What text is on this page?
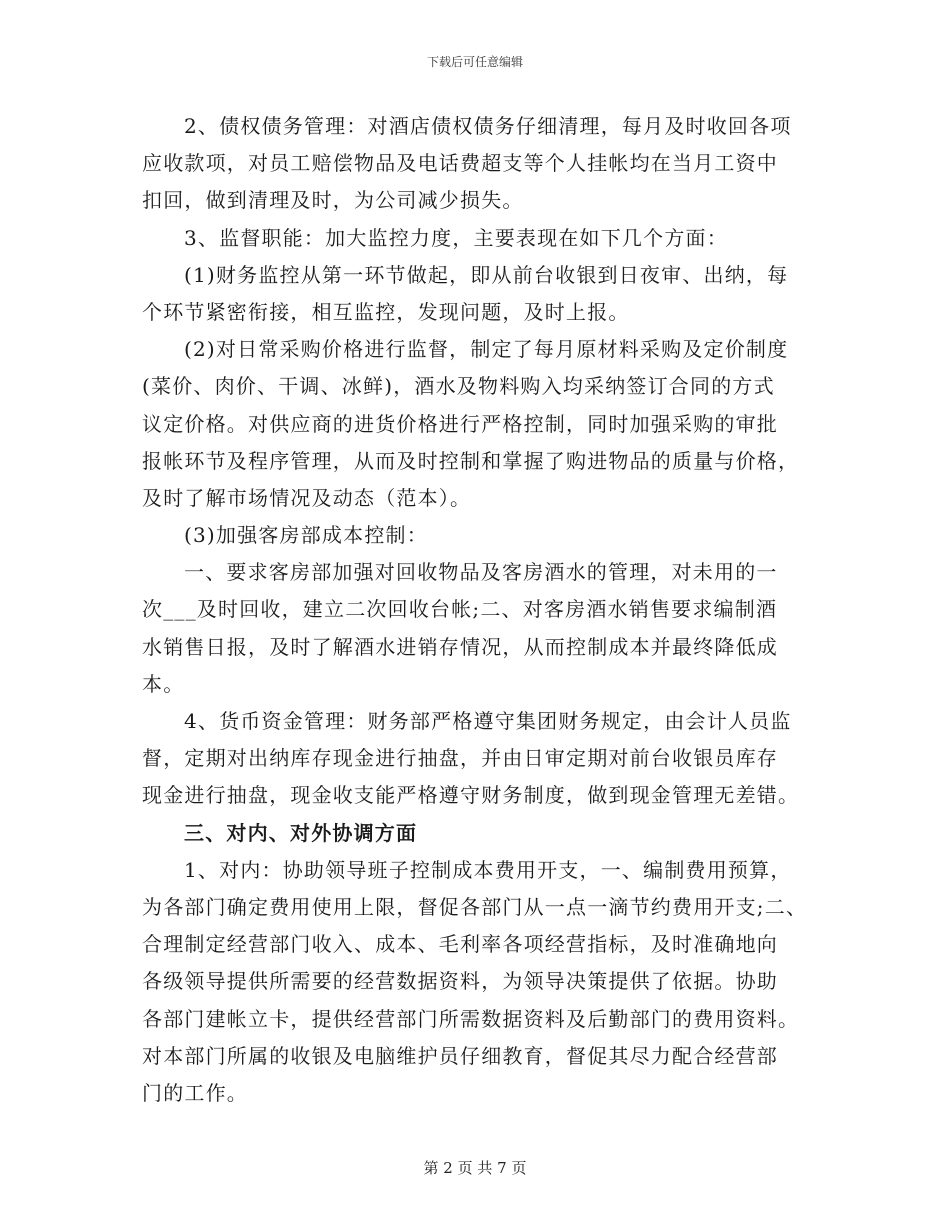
下载后可任意编辑
2、债权债务管理：对酒店债权债务仔细清理，每月及时收回各项
应收款项，对员工赔偿物品及电话费超支等个人挂帐均在当月工资中
扣回，做到清理及时，为公司减少损失。
3、监督职能：加大监控力度，主要表现在如下几个方面：
(1)财务监控从第一环节做起，即从前台收银到日夜审、出纳，每
个环节紧密衔接，相互监控，发现问题，及时上报。
(2)对日常采购价格进行监督，制定了每月原材料采购及定价制度
(菜价、肉价、干调、冰鲜)，酒水及物料购入均采纳签订合同的方式
议定价格。对供应商的进货价格进行严格控制，同时加强采购的审批
报帐环节及程序管理，从而及时控制和掌握了购进物品的质量与价格，
及时了解市场情况及动态（范本）。
(3)加强客房部成本控制：
一、要求客房部加强对回收物品及客房酒水的管理，对未用的一
次___及时回收，建立二次回收台帐;二、对客房酒水销售要求编制酒
水销售日报，及时了解酒水进销存情况，从而控制成本并最终降低成
本。
4、货币资金管理：财务部严格遵守集团财务规定，由会计人员监
督，定期对出纳库存现金进行抽盘，并由日审定期对前台收银员库存
现金进行抽盘，现金收支能严格遵守财务制度，做到现金管理无差错。
三、对内、对外协调方面
1、对内：协助领导班子控制成本费用开支，一、编制费用预算，
为各部门确定费用使用上限，督促各部门从一点一滴节约费用开支;二、
合理制定经营部门收入、成本、毛利率各项经营指标，及时准确地向
各级领导提供所需要的经营数据资料，为领导决策提供了依据。协助
各部门建帐立卡，提供经营部门所需数据资料及后勤部门的费用资料。
对本部门所属的收银及电脑维护员仔细教育，督促其尽力配合经营部
门的工作。
第 2 页 共 7 页
